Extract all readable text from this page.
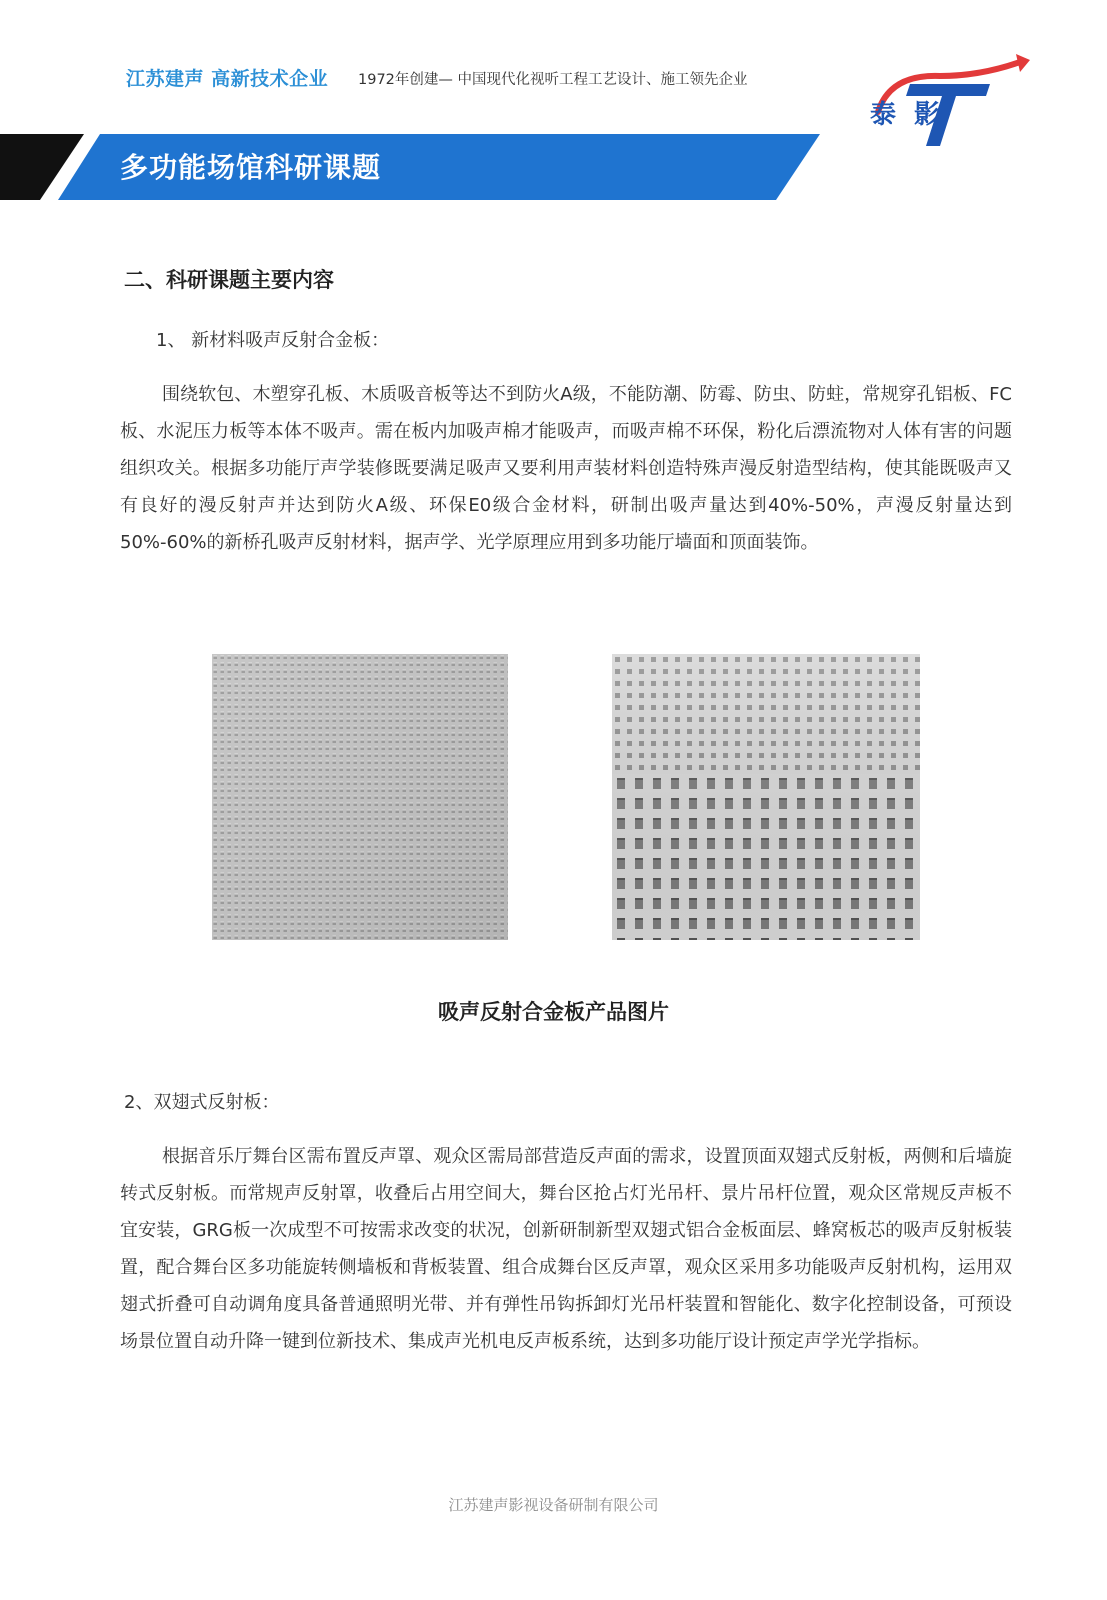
江苏建声 高新技术企业 1972年创建— 中国现代化视听工程工艺设计、施工领先企业
泰影
多功能场馆科研课题
二、科研课题主要内容
1、 新材料吸声反射合金板：

围绕软包、木塑穿孔板、木质吸音板等达不到防火A级，不能防潮、防霉、防虫、防蛀，常规穿孔铝板、FC板、水泥压力板等本体不吸声。需在板内加吸声棉才能吸声，而吸声棉不环保，粉化后漂流物对人体有害的问题组织攻关。根据多功能厅声学装修既要满足吸声又要利用声装材料创造特殊声漫反射造型结构，使其能既吸声又有良好的漫反射声并达到防火A级、环保E0级合金材料，研制出吸声量达到40%-50%，声漫反射量达到50%-60%的新桥孔吸声反射材料，据声学、光学原理应用到多功能厅墙面和顶面装饰。

吸声反射合金板产品图片
2、双翅式反射板：

根据音乐厅舞台区需布置反声罩、观众区需局部营造反声面的需求，设置顶面双翅式反射板，两侧和后墙旋转式反射板。而常规声反射罩，收叠后占用空间大，舞台区抢占灯光吊杆、景片吊杆位置，观众区常规反声板不宜安装，GRG板一次成型不可按需求改变的状况，创新研制新型双翅式铝合金板面层、蜂窝板芯的吸声反射板装置，配合舞台区多功能旋转侧墙板和背板装置、组合成舞台区反声罩，观众区采用多功能吸声反射机构，运用双翅式折叠可自动调角度具备普通照明光带、并有弹性吊钩拆卸灯光吊杆装置和智能化、数字化控制设备，可预设场景位置自动升降一键到位新技术、集成声光机电反声板系统，达到多功能厅设计预定声学光学指标。

江苏建声影视设备研制有限公司
